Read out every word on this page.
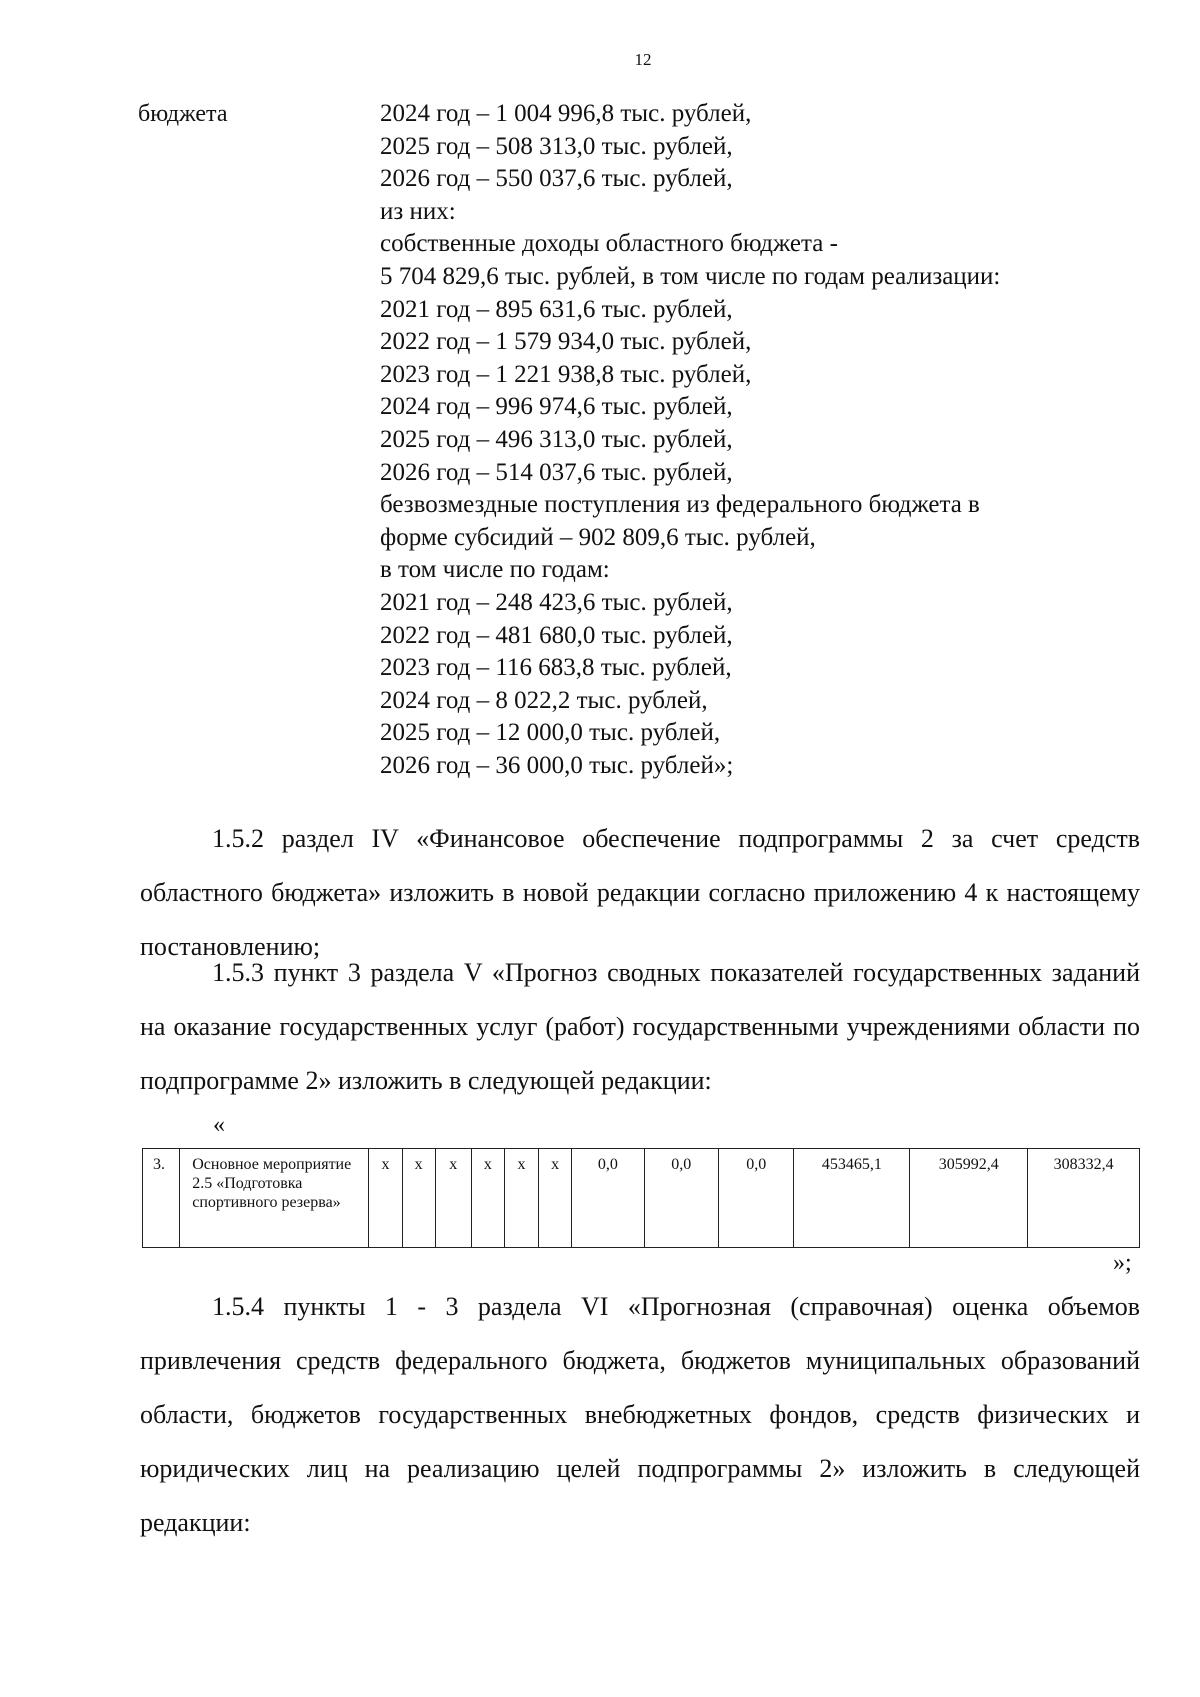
12
бюджета	2024 год – 1 004 996,8 тыс. рублей,
2025 год – 508 313,0 тыс. рублей,
2026 год – 550 037,6 тыс. рублей,
из них:
собственные доходы областного бюджета -
5 704 829,6 тыс. рублей, в том числе по годам реализации:
2021 год – 895 631,6 тыс. рублей,
2022 год – 1 579 934,0 тыс. рублей,
2023 год – 1 221 938,8 тыс. рублей,
2024 год – 996 974,6 тыс. рублей,
2025 год – 496 313,0 тыс. рублей,
2026 год – 514 037,6 тыс. рублей,
безвозмездные поступления из федерального бюджета в
форме субсидий – 902 809,6 тыс. рублей,
в том числе по годам:
2021 год – 248 423,6 тыс. рублей,
2022 год – 481 680,0 тыс. рублей,
2023 год – 116 683,8 тыс. рублей,
2024 год – 8 022,2 тыс. рублей,
2025 год – 12 000,0 тыс. рублей,
2026 год – 36 000,0 тыс. рублей»;

1.5.2 раздел IV «Финансовое обеспечение подпрограммы 2 за счет средств областного бюджета» изложить в новой редакции согласно приложению 4 к настоящему постановлению;

1.5.3 пункт 3 раздела V «Прогноз сводных показателей государственных заданий на оказание государственных услуг (работ) государственными учреждениями области по подпрограмме 2» изложить в следующей редакции:

«
3.	Основное мероприятие 2.5 «Подготовка спортивного резерва»	x	x	x	x	x	x	0,0	0,0	0,0	453465,1	305992,4	308332,4
»;

1.5.4 пункты 1 - 3 раздела VI «Прогнозная (справочная) оценка объемов привлечения средств федерального бюджета, бюджетов муниципальных образований области, бюджетов государственных внебюджетных фондов, средств физических и юридических лиц на реализацию целей подпрограммы 2» изложить в следующей редакции:
